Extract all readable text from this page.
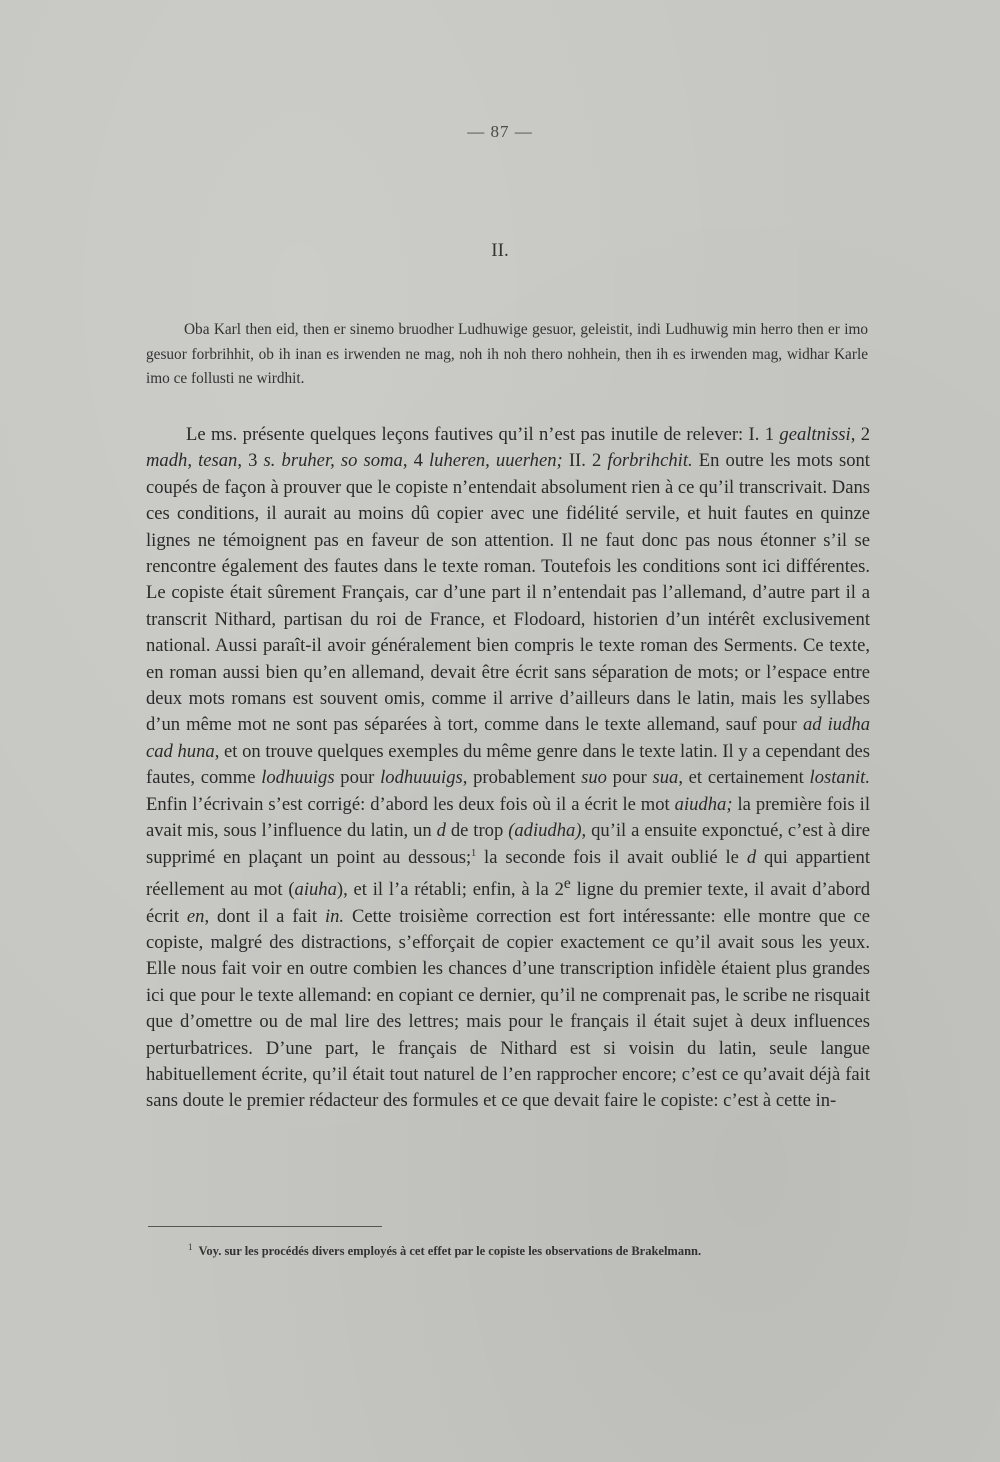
— 87 —
II.

Oba Karl then eid, then er sinemo bruodher Ludhuwige gesuor, geleistit, indi Ludhuwig min herro then er imo gesuor forbrihhit, ob ih inan es irwenden ne mag, noh ih noh thero nohhein, then ih es irwenden mag, widhar Karle imo ce follusti ne wirdhit.

Le ms. présente quelques leçons fautives qu’il n’est pas inutile de relever: I. 1 gealtnissi, 2 madh, tesan, 3 s. bruher, so soma, 4 luheren, uuerhen; II. 2 forbrihchit. En outre les mots sont coupés de façon à prouver que le copiste n’entendait absolument rien à ce qu’il transcrivait. Dans ces conditions, il aurait au moins dû copier avec une fidélité servile, et huit fautes en quinze lignes ne témoignent pas en faveur de son attention. Il ne faut donc pas nous étonner s’il se rencontre également des fautes dans le texte roman. Toutefois les conditions sont ici différentes. Le copiste était sûrement Français, car d’une part il n’entendait pas l’allemand, d’autre part il a transcrit Nithard, partisan du roi de France, et Flodoard, historien d’un intérêt exclusivement national. Aussi paraît-il avoir généralement bien compris le texte roman des Serments. Ce texte, en roman aussi bien qu’en allemand, devait être écrit sans séparation de mots; or l’espace entre deux mots romans est souvent omis, comme il arrive d’ailleurs dans le latin, mais les syllabes d’un même mot ne sont pas séparées à tort, comme dans le texte allemand, sauf pour ad iudha cad huna, et on trouve quelques exemples du même genre dans le texte latin. Il y a cependant des fautes, comme lodhuuigs pour lodhuuuigs, probablement suo pour sua, et certainement lostanit. Enfin l’écrivain s’est corrigé: d’abord les deux fois où il a écrit le mot aiudha; la première fois il avait mis, sous l’influence du latin, un d de trop (adiudha), qu’il a ensuite exponctué, c’est à dire supprimé en plaçant un point au dessous;$^1$ la seconde fois il avait oublié le d qui appartient réellement au mot (aiuha), et il l’a rétabli; enfin, à la 2e ligne du premier texte, il avait d’abord écrit en, dont il a fait in. Cette troisième correction est fort intéressante: elle montre que ce copiste, malgré des distractions, s’efforçait de copier exactement ce qu’il avait sous les yeux. Elle nous fait voir en outre combien les chances d’une transcription infidèle étaient plus grandes ici que pour le texte allemand: en copiant ce dernier, qu’il ne comprenait pas, le scribe ne risquait que d’omettre ou de mal lire des lettres; mais pour le français il était sujet à deux influences perturbatrices. D’une part, le français de Nithard est si voisin du latin, seule langue habituellement écrite, qu’il était tout naturel de l’en rapprocher encore; c’est ce qu’avait déjà fait sans doute le premier rédacteur des formules et ce que devait faire le copiste: c’est à cette in-

$^1$ Voy. sur les procédés divers employés à cet effet par le copiste les observations de Brakelmann.
